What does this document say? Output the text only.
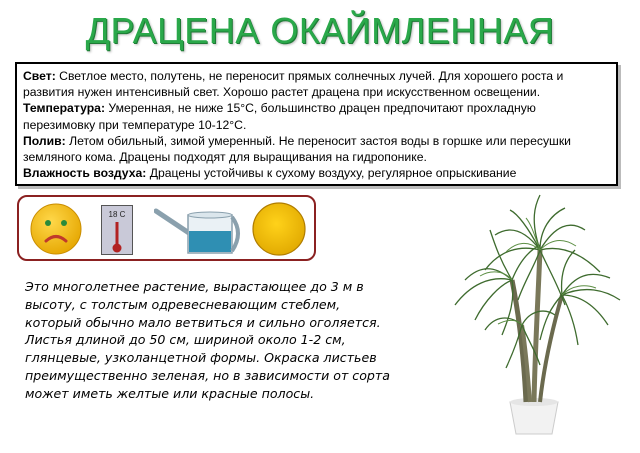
ДРАЦЕНА ОКАЙМЛЕННАЯ

Свет: Светлое место, полутень, не переносит прямых солнечных лучей. Для хорошего роста и развития нужен интенсивный свет. Хорошо растет драцена при искусственном освещении.

Температура: Умеренная, не ниже 15°C, большинство драцен предпочитают прохладную перезимовку при температуре 10-12°C.

Полив: Летом обильный, зимой умеренный. Не переносит застоя воды в горшке или пересушки земляного кома. Драцены подходят для выращивания на гидропонике.

Влажность воздуха: Драцены устойчивы к сухому воздуху, регулярное опрыскивание

18 C
Это многолетнее растение, вырастающее до 3 м в высоту, с толстым одревесневающим стеблем, который обычно мало ветвиться и сильно оголяется. Листья длиной до 50 см, шириной около 1-2 см, глянцевые, узколанцетной формы. Окраска листьев преимущественно зеленая, но в зависимости от сорта может иметь желтые или красные полосы.
